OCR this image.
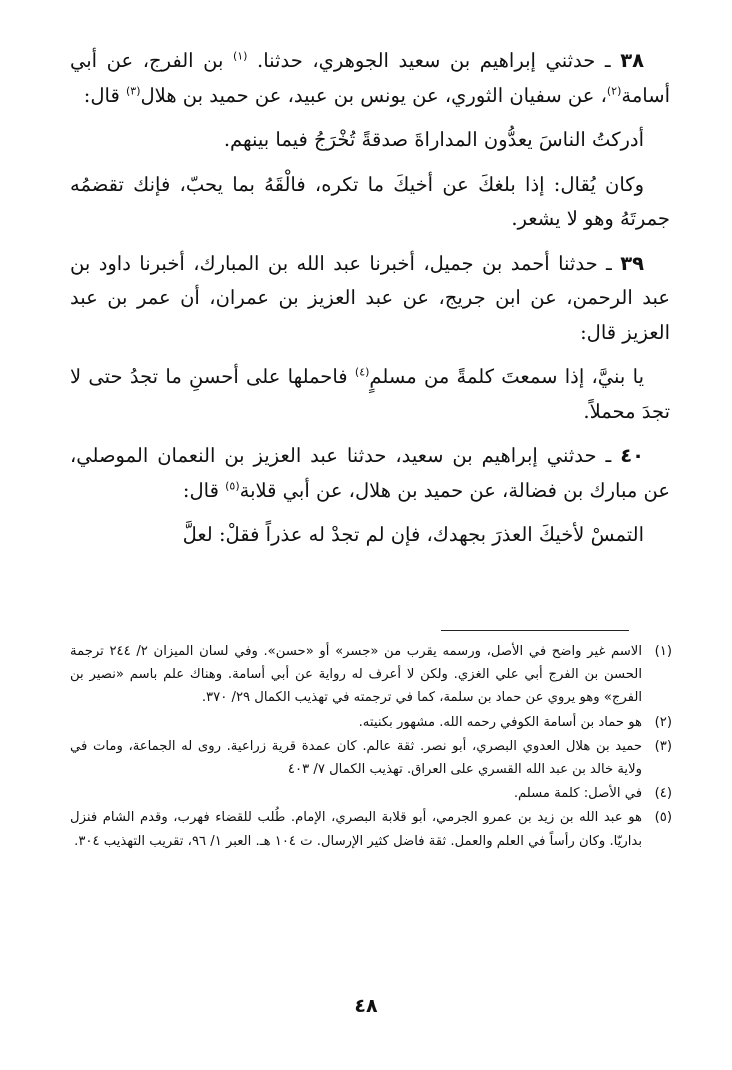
٣٨ ـ حدثني إبراهيم بن سعيد الجوهري، حدثنا. $^{(١)}$ بن الفرج، عن أبي أسامة$^{(٢)}$، عن سفيان الثوري، عن يونس بن عبيد، عن حميد بن هلال$^{(٣)}$ قال:

أدركتُ الناسَ يعدُّون المداراةَ صدقةً تُخْرَجُ فيما بينهم.

وكان يُقال: إذا بلغكَ عن أخيكَ ما تكره، فالْقَهُ بما يحبّ، فإنك تقضمُه جمرتَهُ وهو لا يشعر.

٣٩ ـ حدثنا أحمد بن جميل، أخبرنا عبد الله بن المبارك، أخبرنا داود بن عبد الرحمن، عن ابن جريج، عن عبد العزيز بن عمران، أن عمر بن عبد العزيز قال:

يا بنيَّ، إذا سمعتَ كلمةً من مسلمٍ$^{(٤)}$ فاحملها على أحسنِ ما تجدُ حتى لا تجدَ محملاً.

٤٠ ـ حدثني إبراهيم بن سعيد، حدثنا عبد العزيز بن النعمان الموصلي، عن مبارك بن فضالة، عن حميد بن هلال، عن أبي قلابة$^{(٥)}$ قال:

التمسْ لأخيكَ العذرَ بجهدك، فإن لم تجدْ له عذراً فقلْ: لعلَّ

(١)
الاسم غير واضح في الأصل، ورسمه يقرب من «جسر» أو «حسن». وفي لسان الميزان ٢/ ٢٤٤ ترجمة الحسن بن الفرج أبي علي الغزي. ولكن لا أعرف له رواية عن أبي أسامة. وهناك علم باسم «نصير بن الفرج» وهو يروي عن حماد بن سلمة، كما في ترجمته في تهذيب الكمال ٢٩/ ٣٧٠.
(٢)
هو حماد بن أسامة الكوفي رحمه الله. مشهور بكنيته.
(٣)
حميد بن هلال العدوي البصري، أبو نصر. ثقة عالم. كان عمدة قرية زراعية. روى له الجماعة، ومات في ولاية خالد بن عبد الله القسري على العراق. تهذيب الكمال ٧/ ٤٠٣
(٤)
في الأصل: كلمة مسلم.
(٥)
هو عبد الله بن زيد بن عمرو الجرمي، أبو قلابة البصري، الإمام. طُلب للقضاء فهرب، وقدم الشام فنزل بداريّا. وكان رأساً في العلم والعمل. ثقة فاضل كثير الإرسال. ت ١٠٤ هـ. العبر ١/ ٩٦، تقريب التهذيب ٣٠٤.
٤٨
